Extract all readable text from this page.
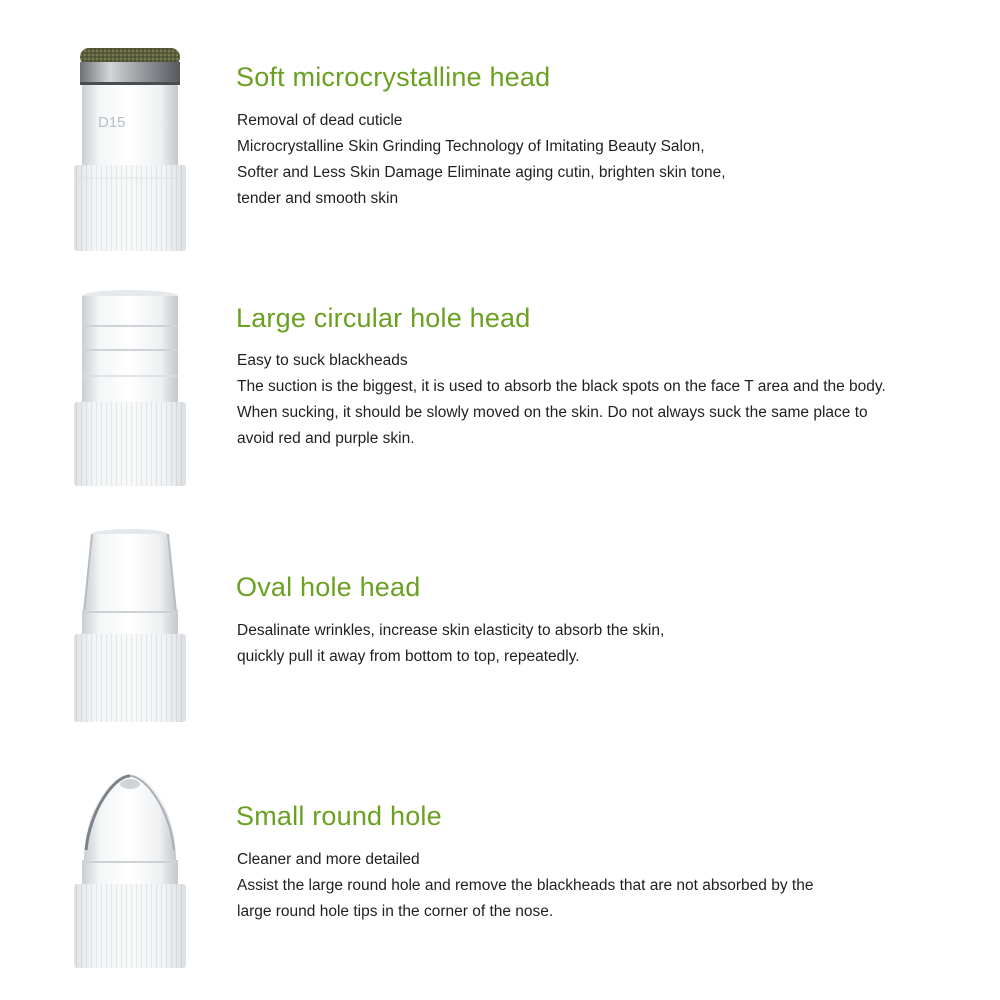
D15
Soft microcrystalline head
Removal of dead cuticle
Microcrystalline Skin Grinding Technology of Imitating Beauty Salon,
Softer and Less Skin Damage Eliminate aging cutin, brighten skin tone,
tender and smooth skin
Large circular hole head
Easy to suck blackheads
The suction is the biggest, it is used to absorb the black spots on the face T area and the body.
When sucking, it should be slowly moved on the skin. Do not always suck the same place to
avoid red and purple skin.
Oval hole head
Desalinate wrinkles, increase skin elasticity to absorb the skin,
quickly pull it away from bottom to top, repeatedly.
Small round hole
Cleaner and more detailed
Assist the large round hole and remove the blackheads that are not absorbed by the
large round hole tips in the corner of the nose.
